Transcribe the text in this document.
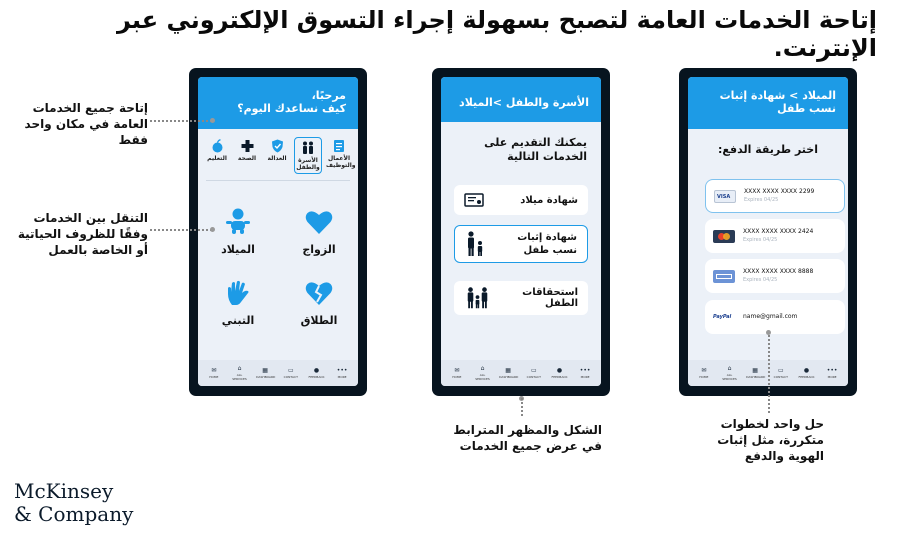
إتاحة الخدمات العامة لتصبح بسهولة إجراء التسوق الإلكتروني عبر الإنترنت.
مرحبًا،
كيف نساعدك اليوم؟
الأعمال والتوظيف
الأسرة والطفل
العدالة
الصحة
التعليم
الزواج
الميلاد
الطلاق
التبني
✉
HOME
⌂
ALL SERVICES
▦
DASHBOARD
▭
CONTACT
●
FEEDBACK
•••
MORE
الأسرة والطفل >الميلاد
يمكنك التقديم على الخدمات التالية
شهادة ميلاد
شهادة إثبات نسب طفل
استحقاقات الطفل
✉
HOME
⌂
ALL SERVICES
▦
DASHBOARD
▭
CONTACT
●
FEEDBACK
•••
MORE
الميلاد > شهادة إثبات نسب طفل
اختر طريقة الدفع:
VISA
XXXX XXXX XXXX 2299
Expires 04/25
XXXX XXXX XXXX 2424
Expires 04/25
XXXX XXXX XXXX 8888
Expires 04/25
PayPal name@gmail.com
✉
HOME
⌂
ALL SERVICES
▦
DASHBOARD
▭
CONTACT
●
FEEDBACK
•••
MORE
إتاحة جميع الخدمات العامة في مكان واحد فقط
التنقل بين الخدمات وفقًا للظروف الحياتية أو الخاصة بالعمل
الشكل والمظهر المترابط في عرض جميع الخدمات
حل واحد لخطوات متكررة، مثل إثبات الهوية والدفع
McKinsey
& Company
